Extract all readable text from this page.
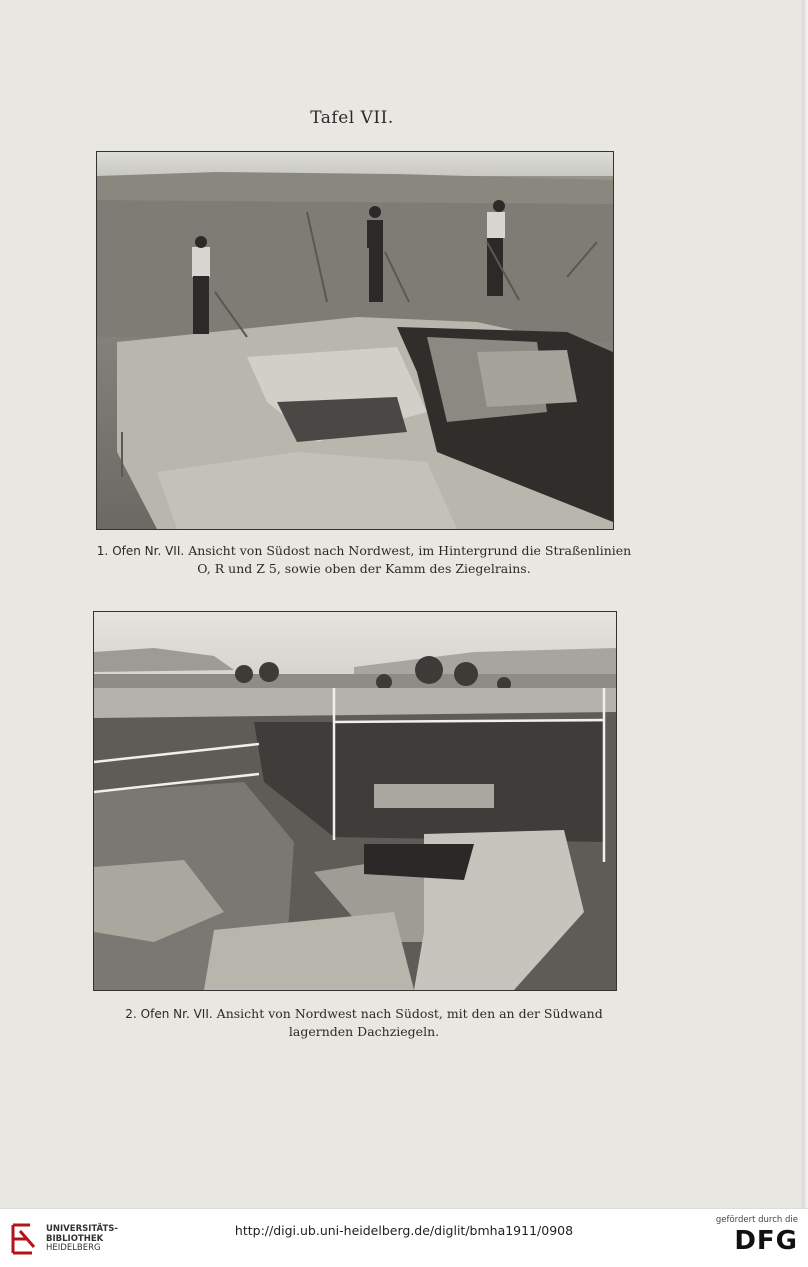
Tafel VII.
1. Ofen Nr. VII. Ansicht von Südost nach Nordwest, im Hintergrund die Straßenlinien
O, R und Z 5, sowie oben der Kamm des Ziegelrains.
2. Ofen Nr. VII. Ansicht von Nordwest nach Südost, mit den an der Südwand
lagernden Dachziegeln.
UNIVERSITÄTS-
BIBLIOTHEK
HEIDELBERG
http://digi.ub.uni-heidelberg.de/diglit/bmha1911/0908
gefördert durch die
DFG
